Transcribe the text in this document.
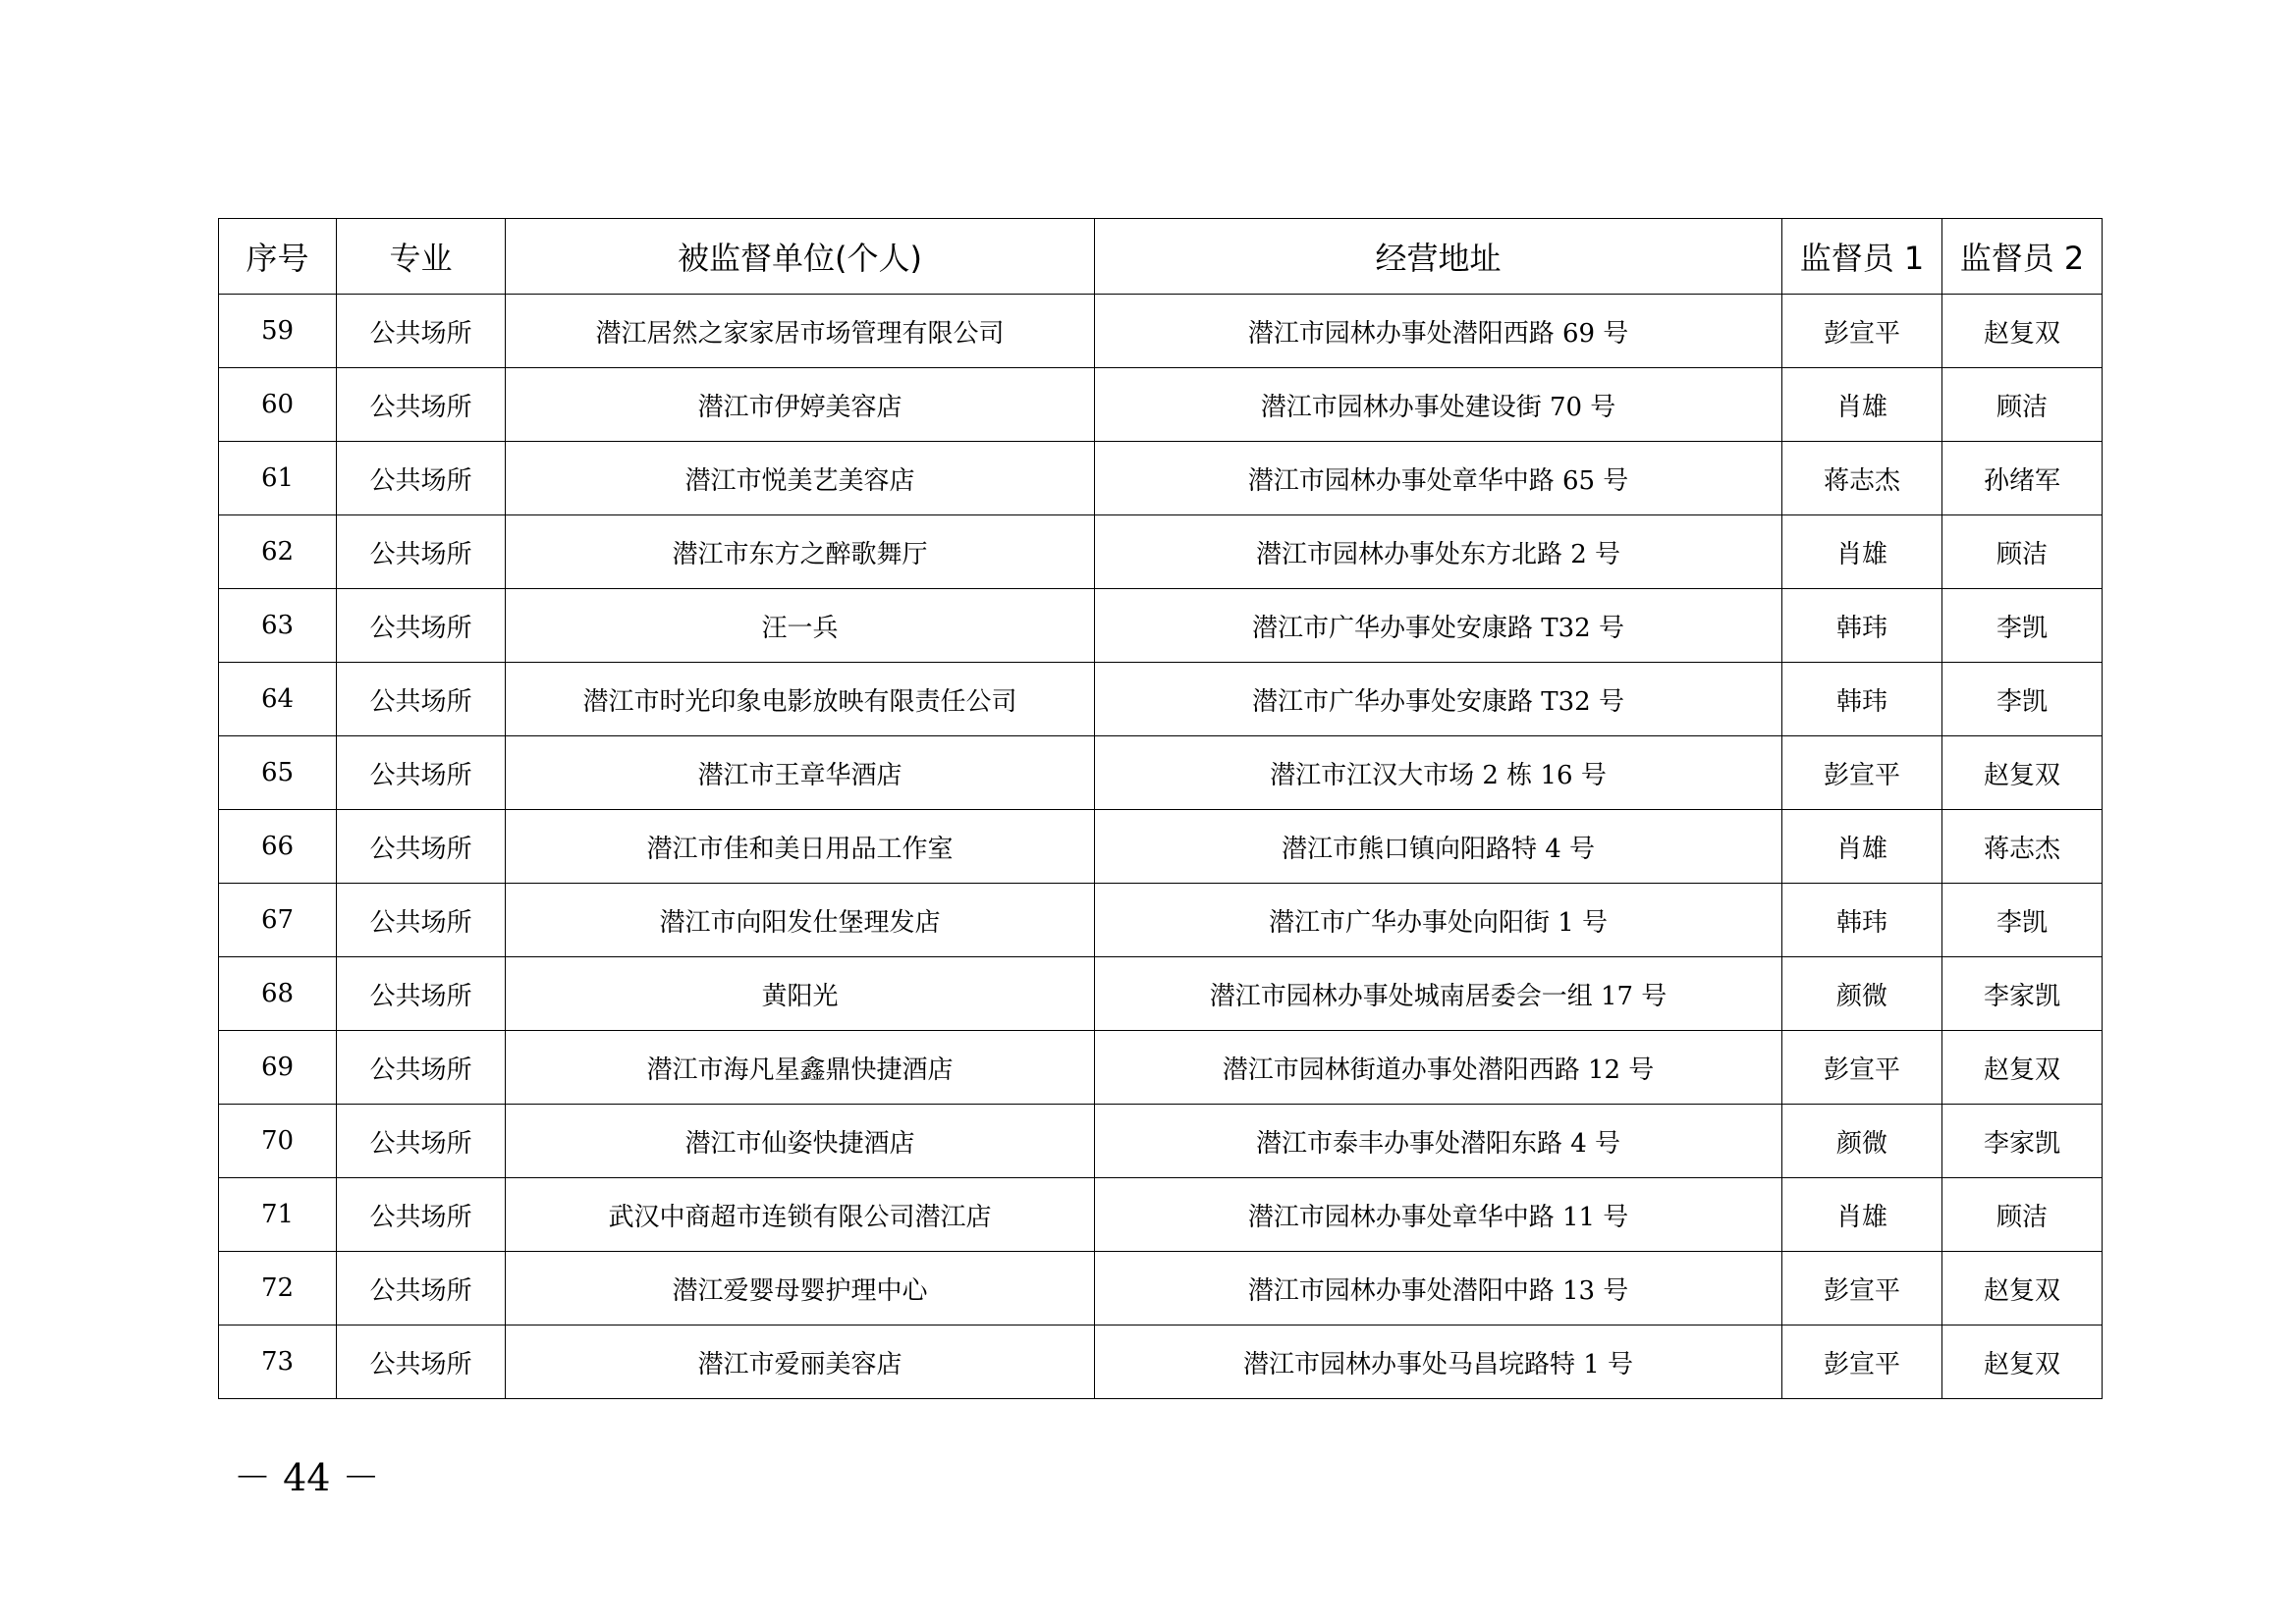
序号	专业	被监督单位(个人)	经营地址	监督员 1	监督员 2
59	公共场所	潜江居然之家家居市场管理有限公司	潜江市园林办事处潜阳西路 69 号	彭宣平	赵复双
60	公共场所	潜江市伊婷美容店	潜江市园林办事处建设街 70 号	肖雄	顾洁
61	公共场所	潜江市悦美艺美容店	潜江市园林办事处章华中路 65 号	蒋志杰	孙绪军
62	公共场所	潜江市东方之醉歌舞厅	潜江市园林办事处东方北路 2 号	肖雄	顾洁
63	公共场所	汪一兵	潜江市广华办事处安康路 T32 号	韩玮	李凯
64	公共场所	潜江市时光印象电影放映有限责任公司	潜江市广华办事处安康路 T32 号	韩玮	李凯
65	公共场所	潜江市王章华酒店	潜江市江汉大市场 2 栋 16 号	彭宣平	赵复双
66	公共场所	潜江市佳和美日用品工作室	潜江市熊口镇向阳路特 4 号	肖雄	蒋志杰
67	公共场所	潜江市向阳发仕堡理发店	潜江市广华办事处向阳街 1 号	韩玮	李凯
68	公共场所	黄阳光	潜江市园林办事处城南居委会一组 17 号	颜微	李家凯
69	公共场所	潜江市海凡星鑫鼎快捷酒店	潜江市园林街道办事处潜阳西路 12 号	彭宣平	赵复双
70	公共场所	潜江市仙姿快捷酒店	潜江市泰丰办事处潜阳东路 4 号	颜微	李家凯
71	公共场所	武汉中商超市连锁有限公司潜江店	潜江市园林办事处章华中路 11 号	肖雄	顾洁
72	公共场所	潜江爱婴母婴护理中心	潜江市园林办事处潜阳中路 13 号	彭宣平	赵复双
73	公共场所	潜江市爱丽美容店	潜江市园林办事处马昌垸路特 1 号	彭宣平	赵复双
－ 44 －
